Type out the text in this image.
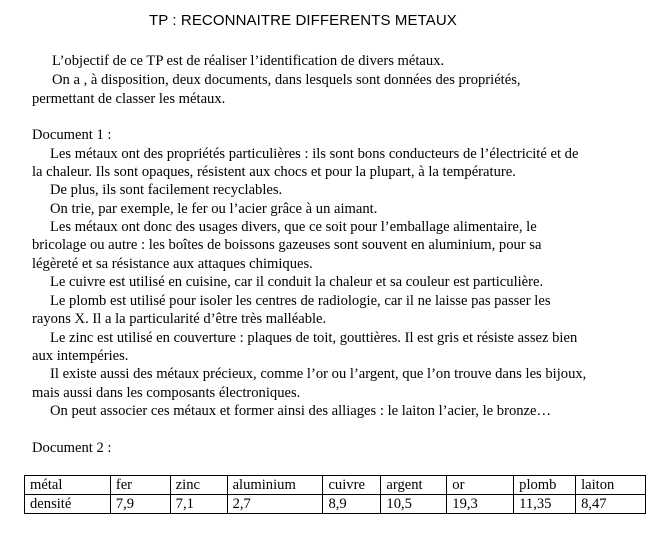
TP : RECONNAITRE DIFFERENTS METAUX
L’objectif de ce TP est de réaliser l’identification de divers métaux.
On a , à disposition, deux documents, dans lesquels sont données des propriétés,
permettant de classer les métaux.
Document 1 :
Les métaux ont des propriétés particulières : ils sont bons conducteurs de l’électricité et de
la chaleur. Ils sont opaques, résistent aux chocs et pour la plupart, à la température.
De plus, ils sont facilement recyclables.
On trie, par exemple, le fer ou l’acier grâce à un aimant.
Les métaux ont donc des usages divers, que ce soit pour l’emballage alimentaire, le
bricolage ou autre : les boîtes de boissons gazeuses sont souvent en aluminium, pour sa
légèreté et sa résistance aux attaques chimiques.
Le cuivre est utilisé en cuisine, car il conduit la chaleur et sa couleur est particulière.
Le plomb est utilisé pour isoler les centres de radiologie, car il ne laisse pas passer les
rayons X. Il a la particularité d’être très malléable.
Le zinc est utilisé en couverture : plaques de toit, gouttières. Il est gris et résiste assez bien
aux intempéries.
Il existe aussi des métaux précieux, comme l’or ou l’argent, que l’on trouve dans les bijoux,
mais aussi dans les composants électroniques.
On peut associer ces métaux et former ainsi des alliages : le laiton l’acier, le bronze…
Document 2 :
métal	fer	zinc	aluminium	cuivre	argent	or	plomb	laiton
densité	7,9	7,1	2,7	8,9	10,5	19,3	11,35	8,47
